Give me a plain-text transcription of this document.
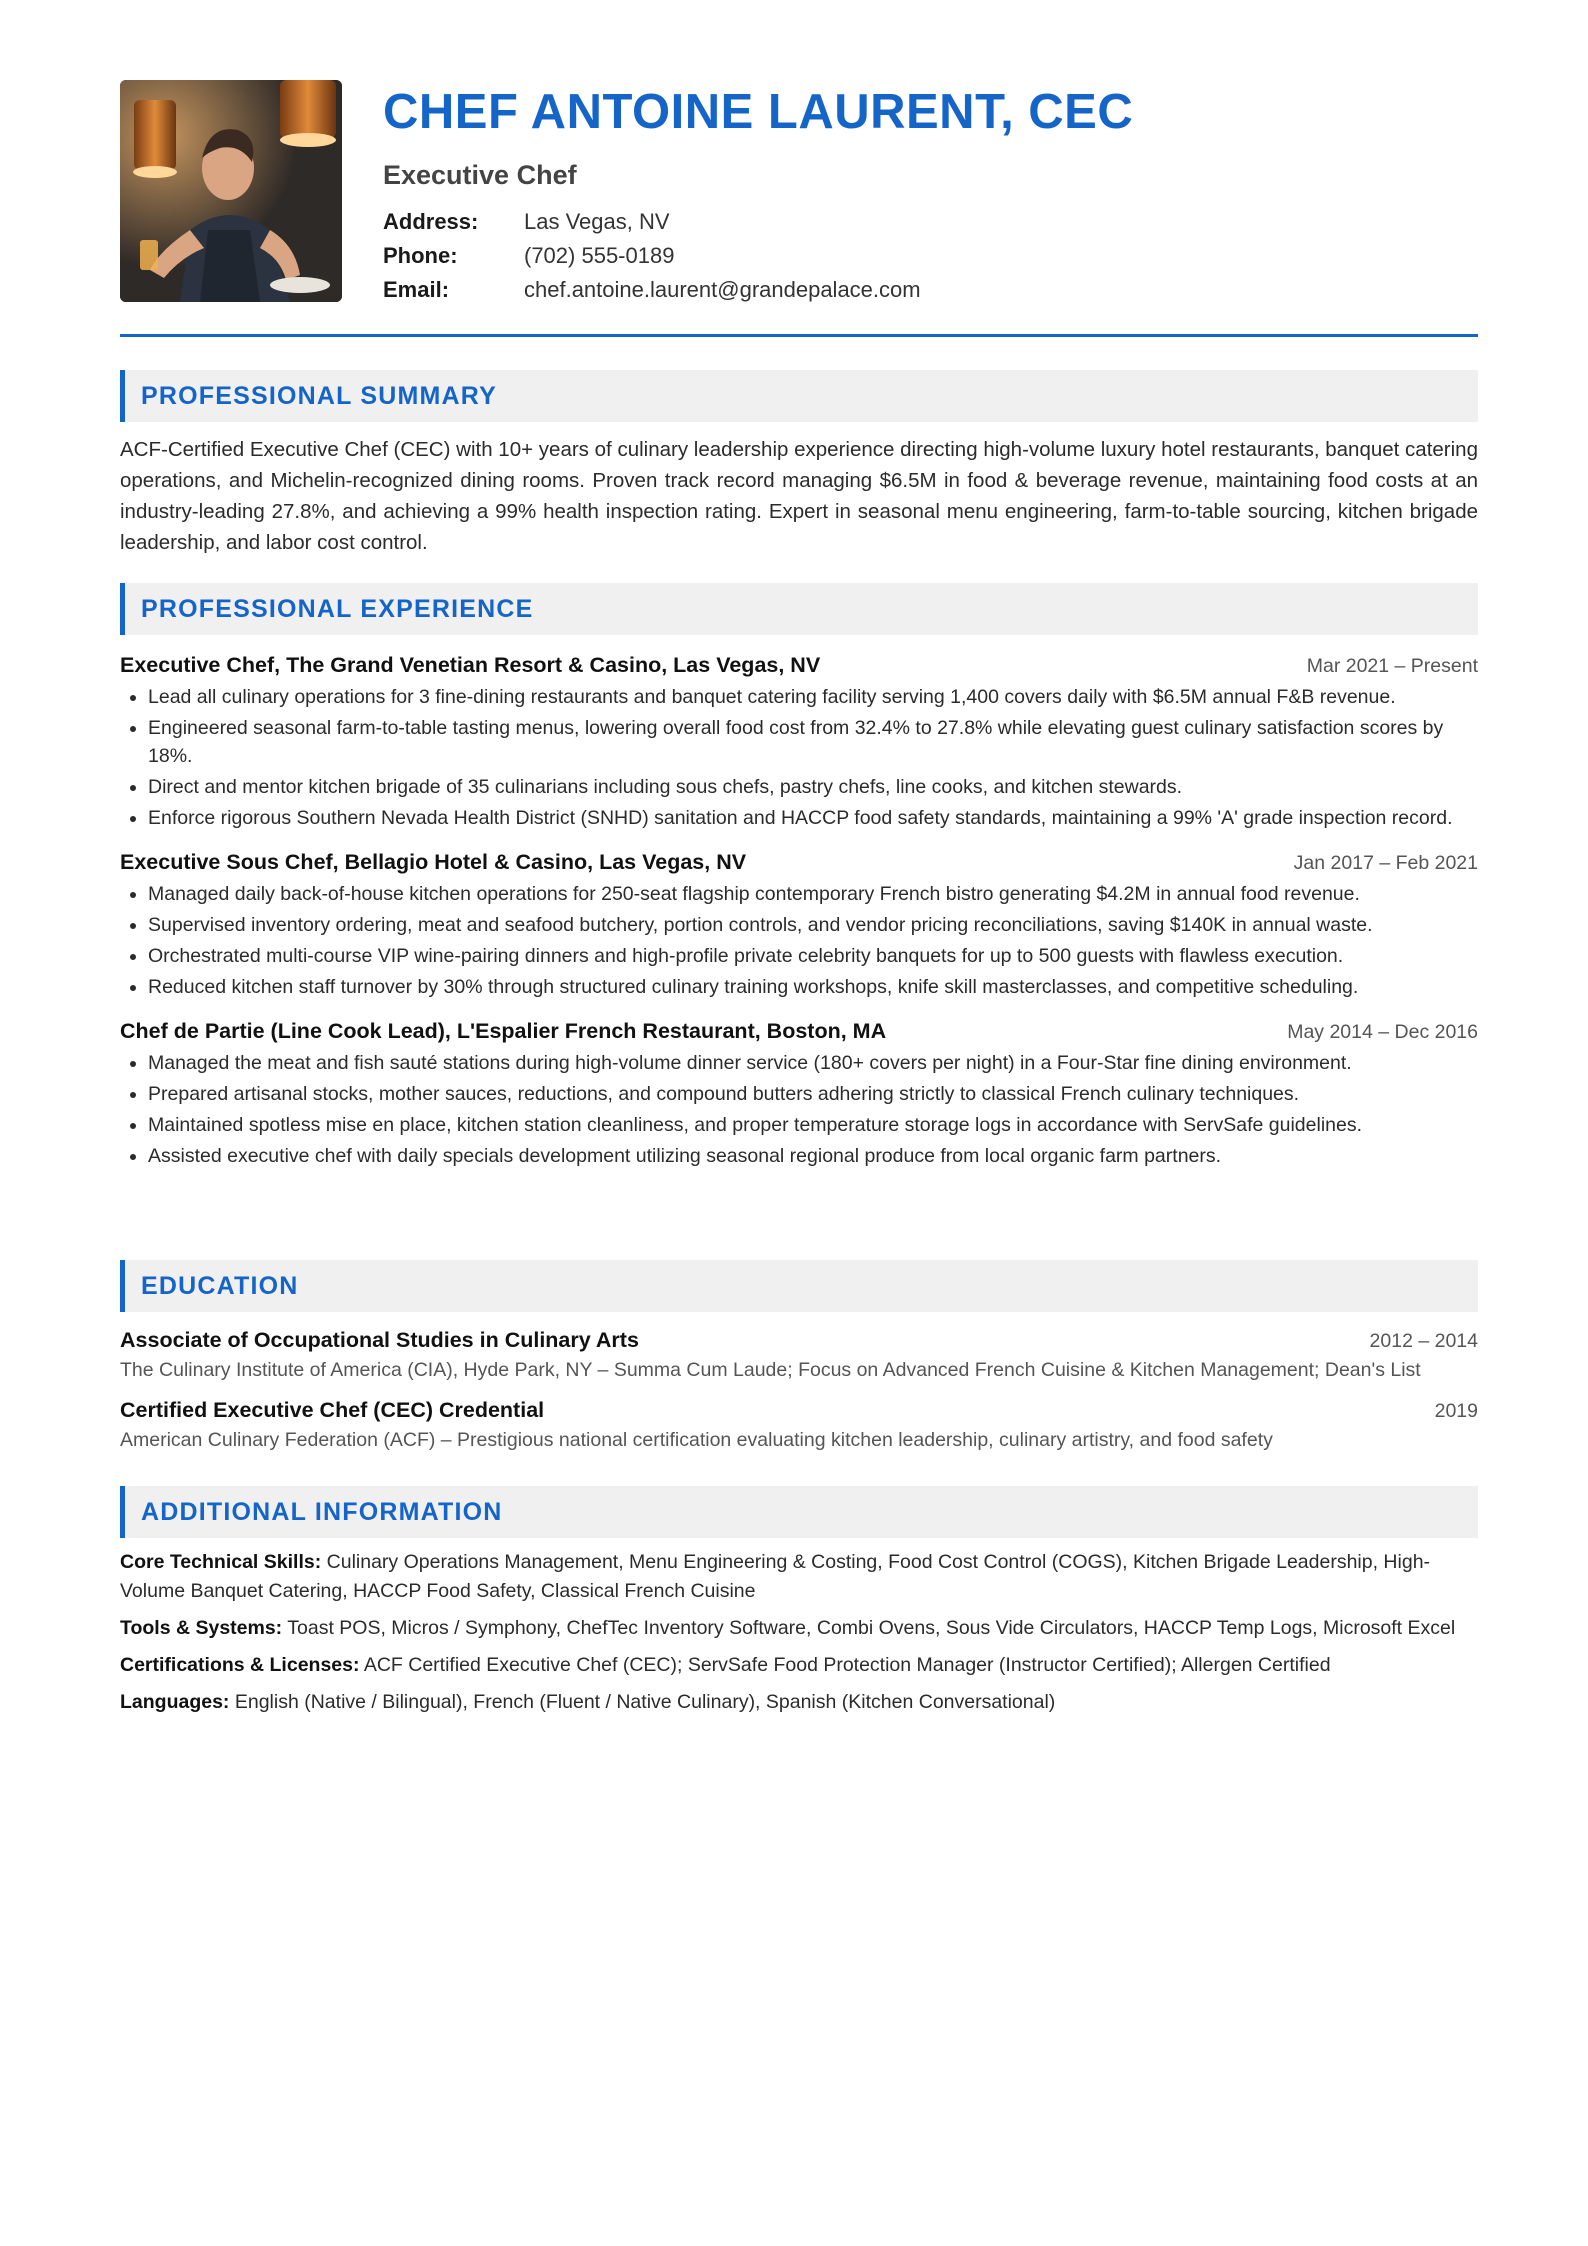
CHEF ANTOINE LAURENT, CEC
Executive Chef
Address:	Las Vegas, NV
Phone:	(702) 555-0189
Email:	chef.antoine.laurent@grandepalace.com
PROFESSIONAL SUMMARY
ACF-Certified Executive Chef (CEC) with 10+ years of culinary leadership experience directing high-volume luxury hotel restaurants, banquet catering operations, and Michelin-recognized dining rooms. Proven track record managing $6.5M in food & beverage revenue, maintaining food costs at an industry-leading 27.8%, and achieving a 99% health inspection rating. Expert in seasonal menu engineering, farm-to-table sourcing, kitchen brigade leadership, and labor cost control.
PROFESSIONAL EXPERIENCE
Executive Chef, The Grand Venetian Resort & Casino, Las Vegas, NV	Mar 2021 – Present
• Lead all culinary operations for 3 fine-dining restaurants and banquet catering facility serving 1,400 covers daily with $6.5M annual F&B revenue.
• Engineered seasonal farm-to-table tasting menus, lowering overall food cost from 32.4% to 27.8% while elevating guest culinary satisfaction scores by 18%.
• Direct and mentor kitchen brigade of 35 culinarians including sous chefs, pastry chefs, line cooks, and kitchen stewards.
• Enforce rigorous Southern Nevada Health District (SNHD) sanitation and HACCP food safety standards, maintaining a 99% 'A' grade inspection record.
Executive Sous Chef, Bellagio Hotel & Casino, Las Vegas, NV	Jan 2017 – Feb 2021
• Managed daily back-of-house kitchen operations for 250-seat flagship contemporary French bistro generating $4.2M in annual food revenue.
• Supervised inventory ordering, meat and seafood butchery, portion controls, and vendor pricing reconciliations, saving $140K in annual waste.
• Orchestrated multi-course VIP wine-pairing dinners and high-profile private celebrity banquets for up to 500 guests with flawless execution.
• Reduced kitchen staff turnover by 30% through structured culinary training workshops, knife skill masterclasses, and competitive scheduling.
Chef de Partie (Line Cook Lead), L'Espalier French Restaurant, Boston, MA	May 2014 – Dec 2016
• Managed the meat and fish sauté stations during high-volume dinner service (180+ covers per night) in a Four-Star fine dining environment.
• Prepared artisanal stocks, mother sauces, reductions, and compound butters adhering strictly to classical French culinary techniques.
• Maintained spotless mise en place, kitchen station cleanliness, and proper temperature storage logs in accordance with ServSafe guidelines.
• Assisted executive chef with daily specials development utilizing seasonal regional produce from local organic farm partners.
EDUCATION
Associate of Occupational Studies in Culinary Arts	2012 – 2014
The Culinary Institute of America (CIA), Hyde Park, NY – Summa Cum Laude; Focus on Advanced French Cuisine & Kitchen Management; Dean's List
Certified Executive Chef (CEC) Credential	2019
American Culinary Federation (ACF) – Prestigious national certification evaluating kitchen leadership, culinary artistry, and food safety
ADDITIONAL INFORMATION
Core Technical Skills: Culinary Operations Management, Menu Engineering & Costing, Food Cost Control (COGS), Kitchen Brigade Leadership, High-Volume Banquet Catering, HACCP Food Safety, Classical French Cuisine
Tools & Systems: Toast POS, Micros / Symphony, ChefTec Inventory Software, Combi Ovens, Sous Vide Circulators, HACCP Temp Logs, Microsoft Excel
Certifications & Licenses: ACF Certified Executive Chef (CEC); ServSafe Food Protection Manager (Instructor Certified); Allergen Certified
Languages: English (Native / Bilingual), French (Fluent / Native Culinary), Spanish (Kitchen Conversational)
